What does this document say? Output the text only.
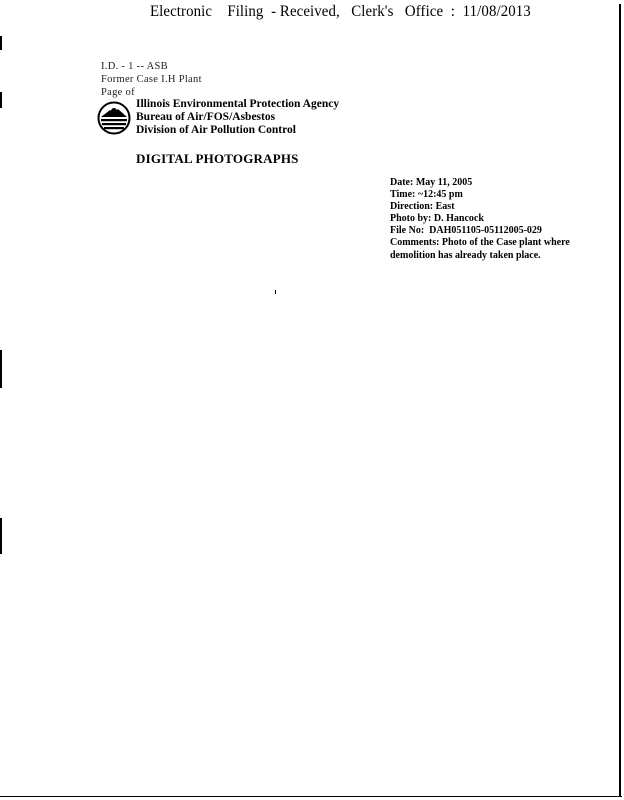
Electronic    Filing  - Received,   Clerk's   Office  :  11/08/2013
I.D. - 1 -- ASB
Former Case I.H Plant
Page of
Illinois Environmental Protection Agency
Bureau of Air/FOS/Asbestos
Division of Air Pollution Control
DIGITAL PHOTOGRAPHS
Date: May 11, 2005
Time: ~12:45 pm
Direction: East
Photo by: D. Hancock
File No:  DAH051105-05112005-029
Comments: Photo of the Case plant where
demolition has already taken place.
